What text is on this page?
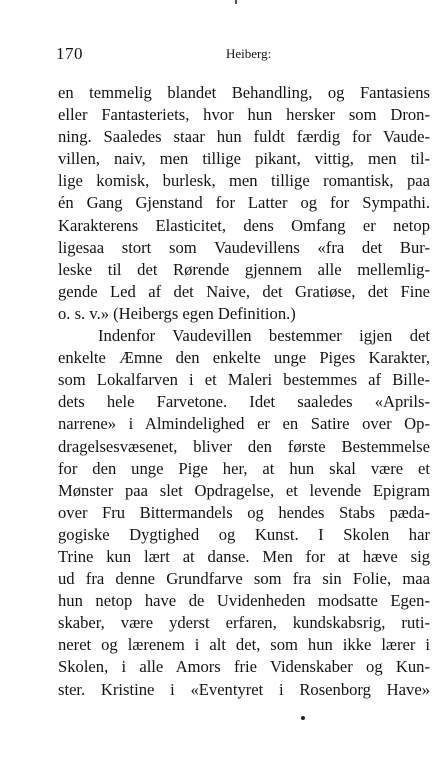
170	Heiberg:
en temmelig blandet Behandling, og Fantasiens
eller Fantasteriets, hvor hun hersker som Dron-
ning. Saaledes staar hun fuldt færdig for Vaude-
villen, naiv, men tillige pikant, vittig, men til-
lige komisk, burlesk, men tillige romantisk, paa
én Gang Gjenstand for Latter og for Sympathi.
Karakterens Elasticitet, dens Omfang er netop
ligesaa stort som Vaudevillens «fra det Bur-
leske til det Rørende gjennem alle mellemlig-
gende Led af det Naive, det Gratiøse, det Fine
o. s. v.» (Heibergs egen Definition.)
Indenfor Vaudevillen bestemmer igjen det
enkelte Æmne den enkelte unge Piges Karakter,
som Lokalfarven i et Maleri bestemmes af Bille-
dets hele Farvetone. Idet saaledes «Aprils-
narrene» i Almindelighed er en Satire over Op-
dragelsesvæsenet, bliver den første Bestemmelse
for den unge Pige her, at hun skal være et
Mønster paa slet Opdragelse, et levende Epigram
over Fru Bittermandels og hendes Stabs pæda-
gogiske Dygtighed og Kunst. I Skolen har
Trine kun lært at danse. Men for at hæve sig
ud fra denne Grundfarve som fra sin Folie, maa
hun netop have de Uvidenheden modsatte Egen-
skaber, være yderst erfaren, kundskabsrig, ruti-
neret og lærenem i alt det, som hun ikke lærer i
Skolen, i alle Amors frie Videnskaber og Kun-
ster. Kristine i «Eventyret i Rosenborg Have»
